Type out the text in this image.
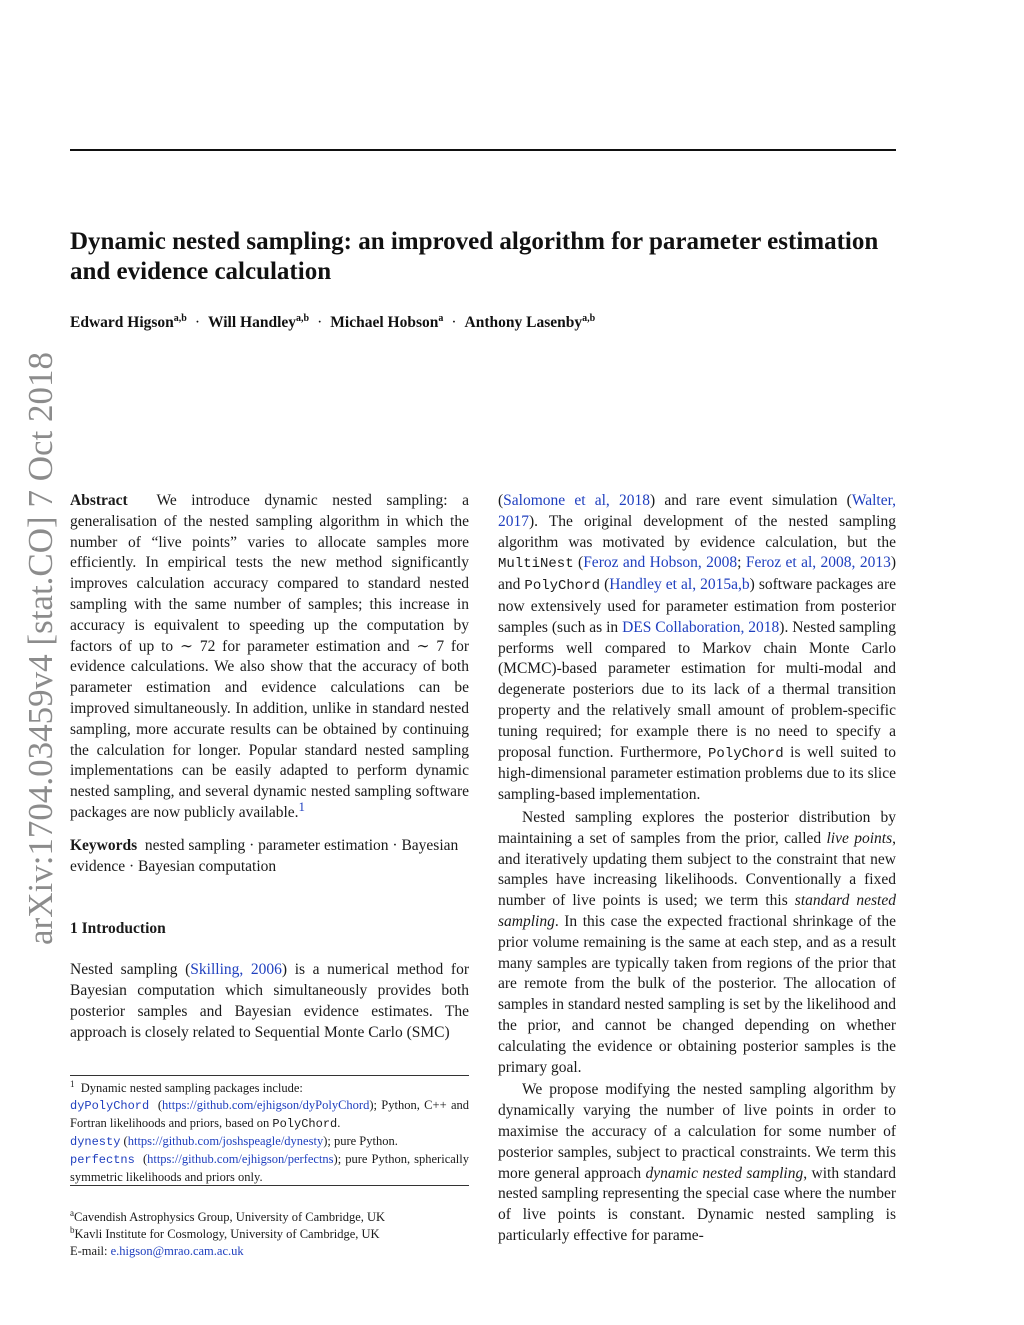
arXiv:1704.03459v4 [stat.CO] 7 Oct 2018
Dynamic nested sampling: an improved algorithm for parameter estimation and evidence calculation
Edward Higson$^{a,b}$ · Will Handley$^{a,b}$ · Michael Hobson$^a$ · Anthony Lasenby$^{a,b}$

Abstract We introduce dynamic nested sampling: a generalisation of the nested sampling algorithm in which the number of “live points” varies to allocate samples more efficiently. In empirical tests the new method significantly improves calculation accuracy compared to standard nested sampling with the same number of samples; this increase in accuracy is equivalent to speeding up the computation by factors of up to ∼ 72 for parameter estimation and ∼ 7 for evidence calculations. We also show that the accuracy of both parameter estimation and evidence calculations can be improved simultaneously. In addition, unlike in standard nested sampling, more accurate results can be obtained by continuing the calculation for longer. Popular standard nested sampling implementations can be easily adapted to perform dynamic nested sampling, and several dynamic nested sampling software packages are now publicly available.$^1$

Keywords nested sampling · parameter estimation · Bayesian evidence · Bayesian computation

1 Introduction

Nested sampling (Skilling, 2006) is a numerical method for Bayesian computation which simultaneously provides both posterior samples and Bayesian evidence estimates. The approach is closely related to Sequential Monte Carlo (SMC)

$^1$ Dynamic nested sampling packages include:

dyPolyChord  (https://github.com/ejhigson/dyPolyChord); Python, C++ and Fortran likelihoods and priors, based on PolyChord.

dynesty (https://github.com/joshspeagle/dynesty); pure Python.

perfectns  (https://github.com/ejhigson/perfectns); pure Python, spherically symmetric likelihoods and priors only.

$^a$Cavendish Astrophysics Group, University of Cambridge, UK

$^b$Kavli Institute for Cosmology, University of Cambridge, UK

E-mail: e.higson@mrao.cam.ac.uk

(Salomone et al, 2018) and rare event simulation (Walter, 2017). The original development of the nested sampling algorithm was motivated by evidence calculation, but the MultiNest (Feroz and Hobson, 2008; Feroz et al, 2008, 2013) and PolyChord (Handley et al, 2015a,b) software packages are now extensively used for parameter estimation from posterior samples (such as in DES Collaboration, 2018). Nested sampling performs well compared to Markov chain Monte Carlo (MCMC)-based parameter estimation for multi-modal and degenerate posteriors due to its lack of a thermal transition property and the relatively small amount of problem-specific tuning required; for example there is no need to specify a proposal function. Furthermore, PolyChord is well suited to high-dimensional parameter estimation problems due to its slice sampling-based implementation.

Nested sampling explores the posterior distribution by maintaining a set of samples from the prior, called live points, and iteratively updating them subject to the constraint that new samples have increasing likelihoods. Conventionally a fixed number of live points is used; we term this standard nested sampling. In this case the expected fractional shrinkage of the prior volume remaining is the same at each step, and as a result many samples are typically taken from regions of the prior that are remote from the bulk of the posterior. The allocation of samples in standard nested sampling is set by the likelihood and the prior, and cannot be changed depending on whether calculating the evidence or obtaining posterior samples is the primary goal.

We propose modifying the nested sampling algorithm by dynamically varying the number of live points in order to maximise the accuracy of a calculation for some number of posterior samples, subject to practical constraints. We term this more general approach dynamic nested sampling, with standard nested sampling representing the special case where the number of live points is constant. Dynamic nested sampling is particularly effective for parame-
